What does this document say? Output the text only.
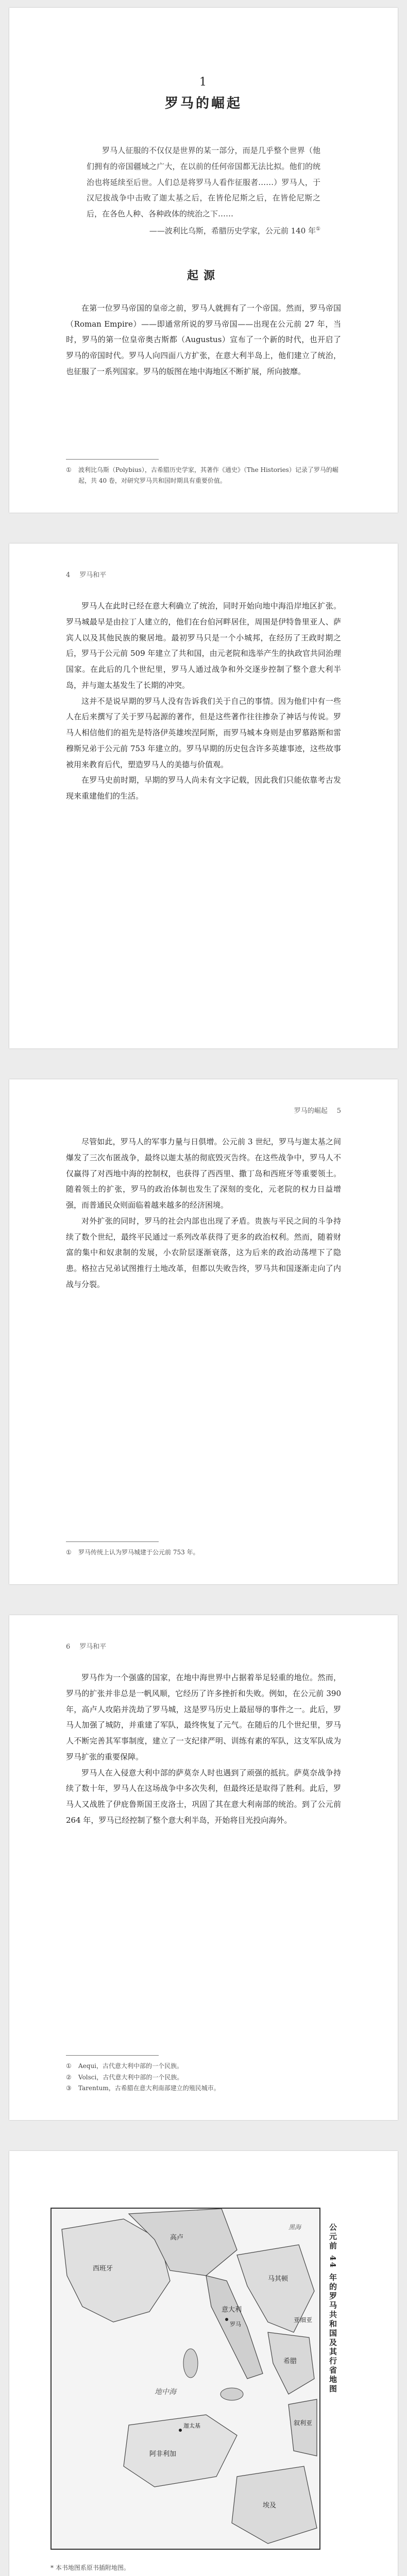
1
罗马的崛起
罗马人征服的不仅仅是世界的某一部分，而是几乎整个世界（他们拥有的帝国疆域之广大，在以前的任何帝国都无法比拟。他们的统治也将延续至后世。人们总是将罗马人看作征服者……）罗马人，于汉尼拔战争中击败了迦太基之后，在皆伦尼斯之后，在皆伦尼斯之后，在各色人种、各种政体的统治之下……
——波利比乌斯，希腊历史学家，公元前 140 年①
起源

在第一位罗马帝国的皇帝之前，罗马人就拥有了一个帝国。然而，罗马帝国（Roman Empire）——即通常所说的罗马帝国——出现在公元前 27 年，当时，罗马的第一位皇帝奥古斯都（Augustus）宣布了一个新的时代，也开启了罗马的帝国时代。罗马人向四面八方扩张，在意大利半岛上，他们建立了统治，也征服了一系列国家。罗马的版图在地中海地区不断扩展，所向披靡。

① 波利比乌斯（Polybius），古希腊历史学家，其著作《通史》（The Histories）记录了罗马的崛起，共 40 卷，对研究罗马共和国时期具有重要价值。
4 罗马和平

罗马人在此时已经在意大利确立了统治，同时开始向地中海沿岸地区扩张。罗马城最早是由拉丁人建立的，他们在台伯河畔居住，周围是伊特鲁里亚人、萨宾人以及其他民族的聚居地。最初罗马只是一个小城邦，在经历了王政时期之后，罗马于公元前 509 年建立了共和国，由元老院和选举产生的执政官共同治理国家。在此后的几个世纪里，罗马人通过战争和外交逐步控制了整个意大利半岛，并与迦太基发生了长期的冲突。

这并不是说早期的罗马人没有告诉我们关于自己的事情。因为他们中有一些人在后来撰写了关于罗马起源的著作，但是这些著作往往掺杂了神话与传说。罗马人相信他们的祖先是特洛伊英雄埃涅阿斯，而罗马城本身则是由罗慕路斯和雷穆斯兄弟于公元前 753 年建立的。罗马早期的历史包含许多英雄事迹，这些故事被用来教育后代，塑造罗马人的美德与价值观。

在罗马史前时期，早期的罗马人尚未有文字记载，因此我们只能依靠考古发现来重建他们的生活。

罗马的崛起 5

尽管如此，罗马人的军事力量与日俱增。公元前 3 世纪，罗马与迦太基之间爆发了三次布匿战争，最终以迦太基的彻底毁灭告终。在这些战争中，罗马人不仅赢得了对西地中海的控制权，也获得了西西里、撒丁岛和西班牙等重要领土。随着领土的扩张，罗马的政治体制也发生了深刻的变化，元老院的权力日益增强，而普通民众则面临着越来越多的经济困境。

对外扩张的同时，罗马的社会内部也出现了矛盾。贵族与平民之间的斗争持续了数个世纪，最终平民通过一系列改革获得了更多的政治权利。然而，随着财富的集中和奴隶制的发展，小农阶层逐渐衰落，这为后来的政治动荡埋下了隐患。格拉古兄弟试图推行土地改革，但都以失败告终，罗马共和国逐渐走向了内战与分裂。

① 罗马传统上认为罗马城建于公元前 753 年。
6 罗马和平

罗马作为一个强盛的国家，在地中海世界中占据着举足轻重的地位。然而，罗马的扩张并非总是一帆风顺，它经历了许多挫折和失败。例如，在公元前 390 年，高卢人攻陷并洗劫了罗马城，这是罗马历史上最屈辱的事件之一。此后，罗马人加强了城防，并重建了军队，最终恢复了元气。在随后的几个世纪里，罗马人不断完善其军事制度，建立了一支纪律严明、训练有素的军队，这支军队成为罗马扩张的重要保障。

罗马人在入侵意大利中部的萨莫奈人时也遇到了顽强的抵抗。萨莫奈战争持续了数十年，罗马人在这场战争中多次失利，但最终还是取得了胜利。此后，罗马人又战胜了伊庇鲁斯国王皮洛士，巩固了其在意大利南部的统治。到了公元前 264 年，罗马已经控制了整个意大利半岛，开始将目光投向海外。

① Aequi，古代意大利中部的一个民族。
② Volsci，古代意大利中部的一个民族。
③ Tarentum，古希腊在意大利南部建立的殖民城市。
西班牙
高卢
意大利
罗马
迦太基
希腊
马其顿
亚细亚
叙利亚
埃及
阿非利加
地中海
黑海	公元前 44 年的罗马共和国及其行省地图
* 本书地图系原书插附地图。
